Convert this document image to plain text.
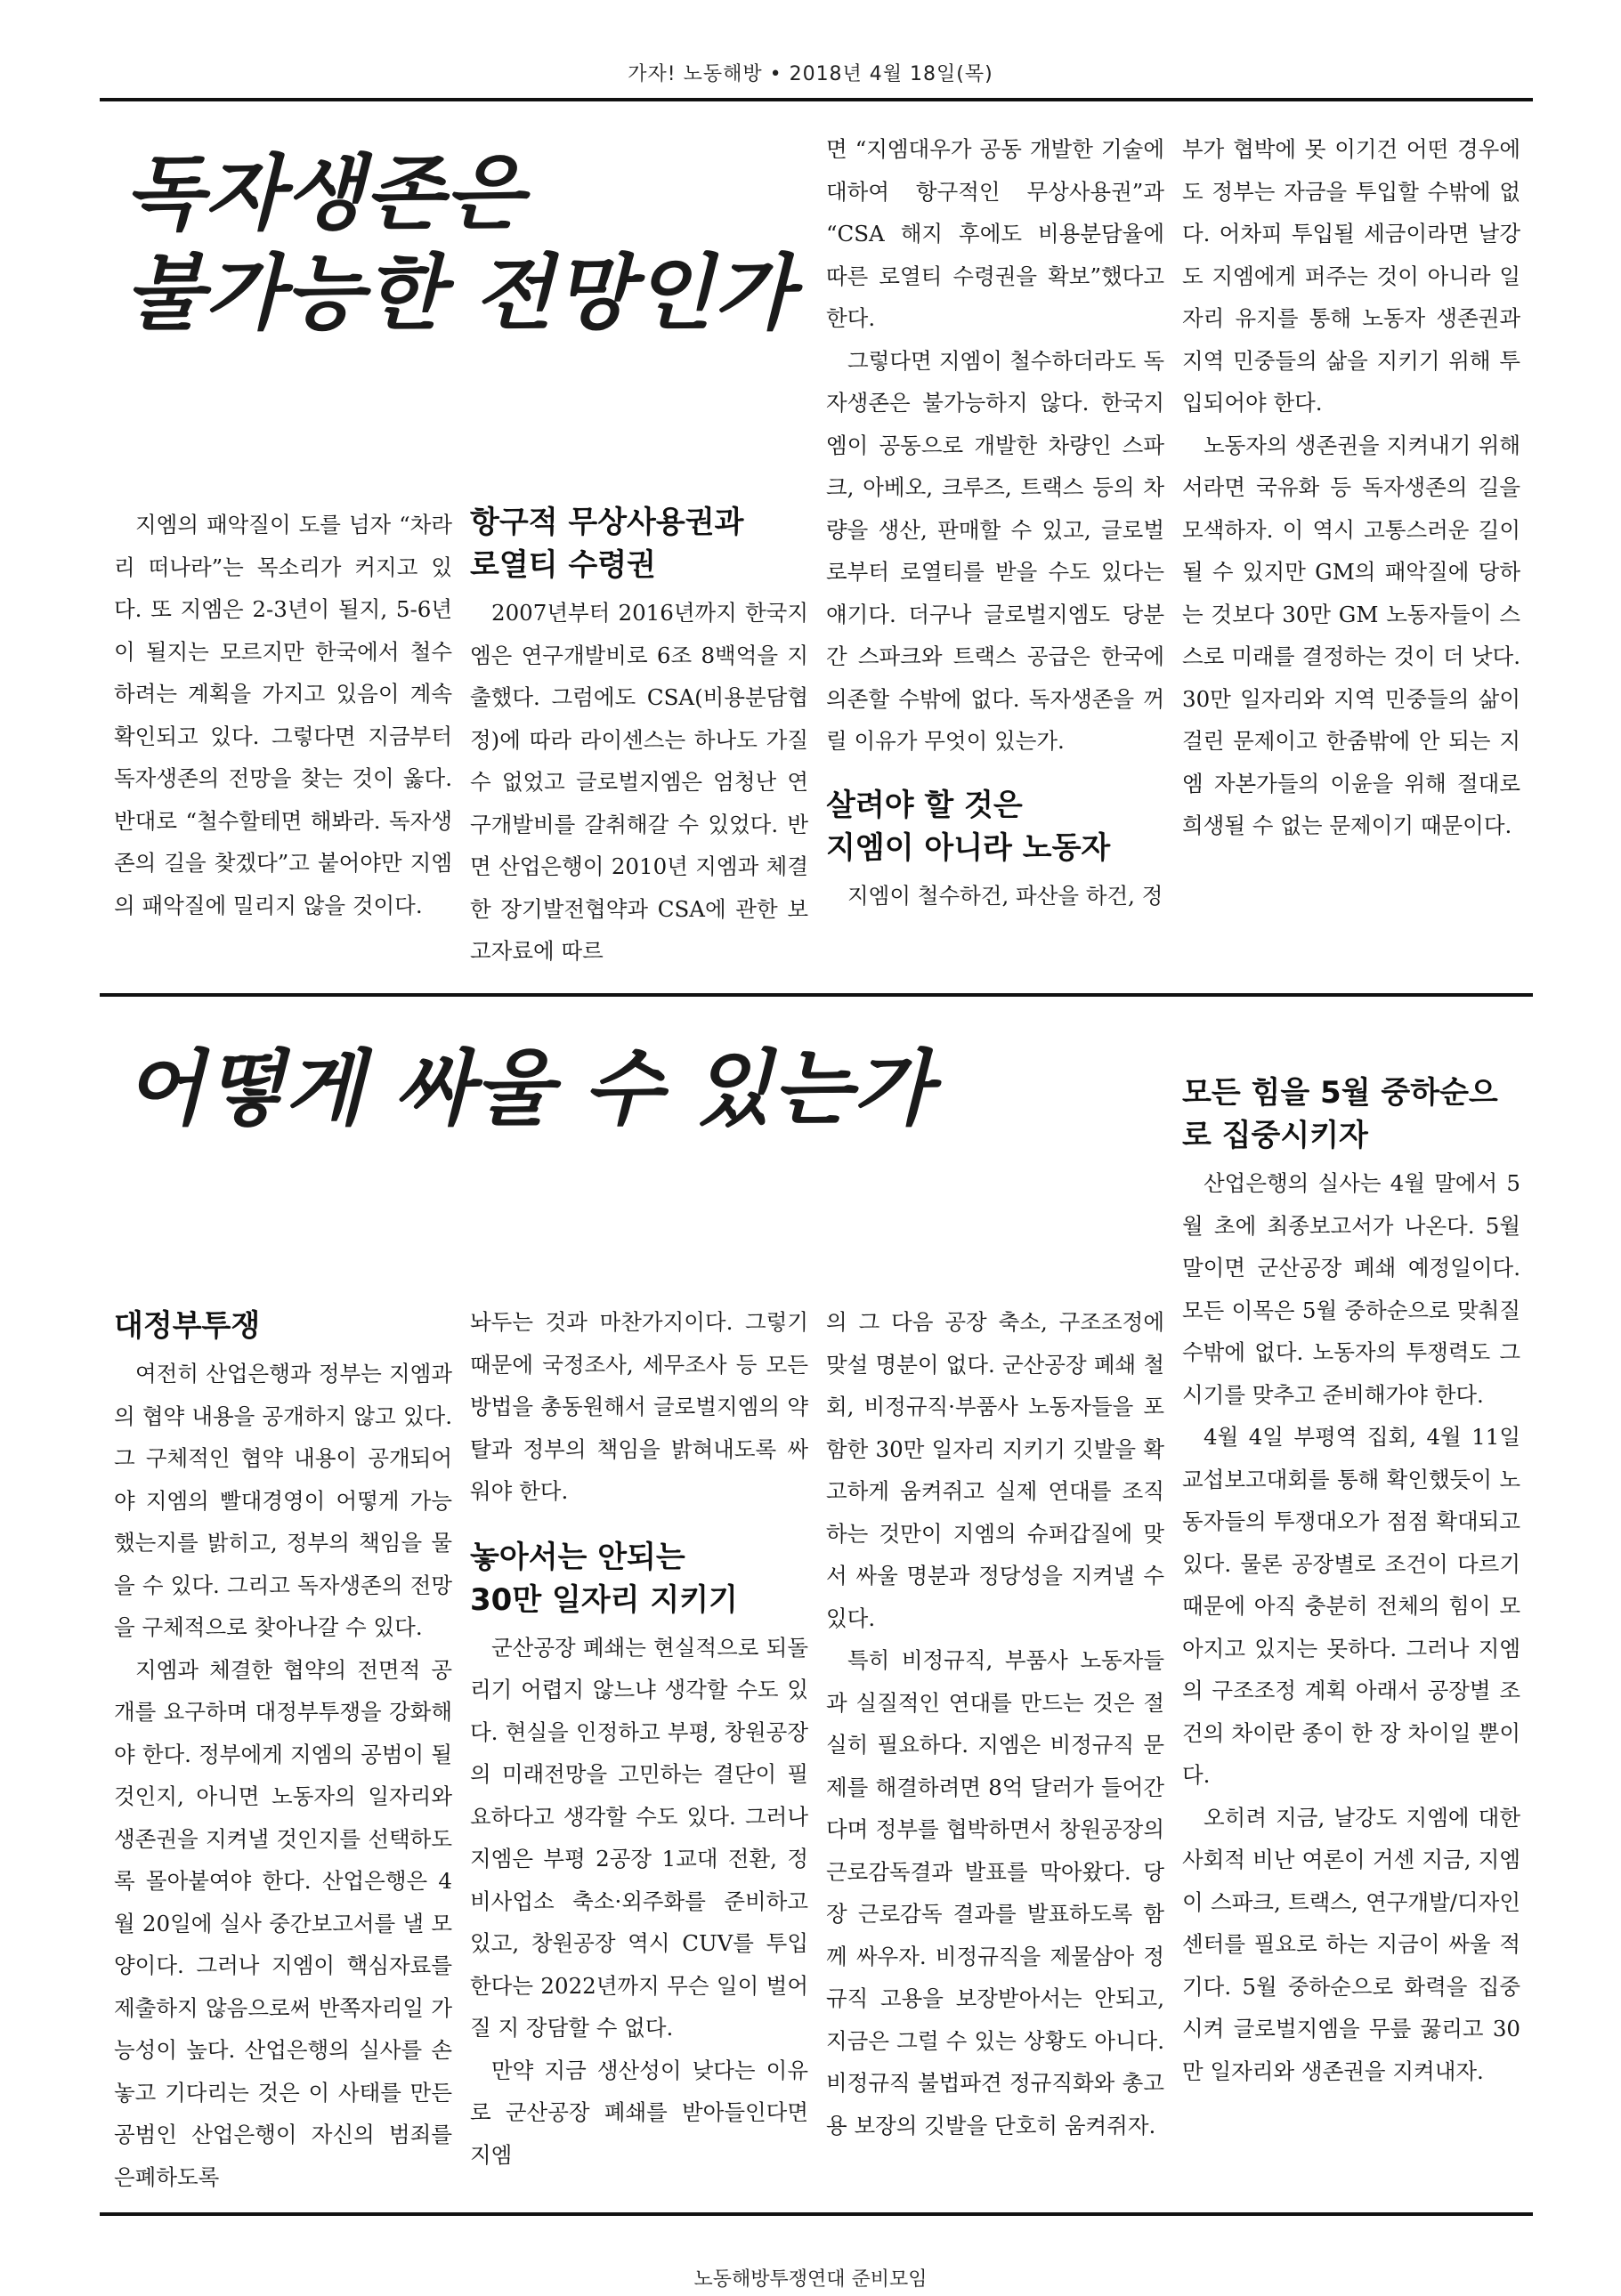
가자! 노동해방 • 2018년 4월 18일(목)
독자생존은
불가능한 전망인가

지엠의 패악질이 도를 넘자 “차라리 떠나라”는 목소리가 커지고 있다. 또 지엠은 2-3년이 될지, 5-6년이 될지는 모르지만 한국에서 철수하려는 계획을 가지고 있음이 계속 확인되고 있다. 그렇다면 지금부터 독자생존의 전망을 찾는 것이 옳다. 반대로 “철수할테면 해봐라. 독자생존의 길을 찾겠다”고 붙어야만 지엠의 패악질에 밀리지 않을 것이다.

항구적 무상사용권과
로열티 수령권

2007년부터 2016년까지 한국지엠은 연구개발비로 6조 8백억을 지출했다. 그럼에도 CSA(비용분담협정)에 따라 라이센스는 하나도 가질 수 없었고 글로벌지엠은 엄청난 연구개발비를 갈취해갈 수 있었다. 반면 산업은행이 2010년 지엠과 체결한 장기발전협약과 CSA에 관한 보고자료에 따르

면 “지엠대우가 공동 개발한 기술에 대하여 항구적인 무상사용권”과 “CSA 해지 후에도 비용분담율에 따른 로열티 수령권을 확보”했다고 한다.

그렇다면 지엠이 철수하더라도 독자생존은 불가능하지 않다. 한국지엠이 공동으로 개발한 차량인 스파크, 아베오, 크루즈, 트랙스 등의 차량을 생산, 판매할 수 있고, 글로벌로부터 로열티를 받을 수도 있다는 얘기다. 더구나 글로벌지엠도 당분간 스파크와 트랙스 공급은 한국에 의존할 수밖에 없다. 독자생존을 꺼릴 이유가 무엇이 있는가.

살려야 할 것은
지엠이 아니라 노동자

지엠이 철수하건, 파산을 하건, 정

부가 협박에 못 이기건 어떤 경우에도 정부는 자금을 투입할 수밖에 없다. 어차피 투입될 세금이라면 날강도 지엠에게 퍼주는 것이 아니라 일자리 유지를 통해 노동자 생존권과 지역 민중들의 삶을 지키기 위해 투입되어야 한다.

노동자의 생존권을 지켜내기 위해서라면 국유화 등 독자생존의 길을 모색하자. 이 역시 고통스러운 길이 될 수 있지만 GM의 패악질에 당하는 것보다 30만 GM 노동자들이 스스로 미래를 결정하는 것이 더 낫다. 30만 일자리와 지역 민중들의 삶이 걸린 문제이고 한줌밖에 안 되는 지엠 자본가들의 이윤을 위해 절대로 희생될 수 없는 문제이기 때문이다.

어떻게 싸울 수 있는가
대정부투쟁

여전히 산업은행과 정부는 지엠과의 협약 내용을 공개하지 않고 있다. 그 구체적인 협약 내용이 공개되어야 지엠의 빨대경영이 어떻게 가능했는지를 밝히고, 정부의 책임을 물을 수 있다. 그리고 독자생존의 전망을 구체적으로 찾아나갈 수 있다.

지엠과 체결한 협약의 전면적 공개를 요구하며 대정부투쟁을 강화해야 한다. 정부에게 지엠의 공범이 될 것인지, 아니면 노동자의 일자리와 생존권을 지켜낼 것인지를 선택하도록 몰아붙여야 한다. 산업은행은 4월 20일에 실사 중간보고서를 낼 모양이다. 그러나 지엠이 핵심자료를 제출하지 않음으로써 반쪽자리일 가능성이 높다. 산업은행의 실사를 손 놓고 기다리는 것은 이 사태를 만든 공범인 산업은행이 자신의 범죄를 은폐하도록

놔두는 것과 마찬가지이다. 그렇기 때문에 국정조사, 세무조사 등 모든 방법을 총동원해서 글로벌지엠의 약탈과 정부의 책임을 밝혀내도록 싸워야 한다.

놓아서는 안되는
30만 일자리 지키기

군산공장 폐쇄는 현실적으로 되돌리기 어렵지 않느냐 생각할 수도 있다. 현실을 인정하고 부평, 창원공장의 미래전망을 고민하는 결단이 필요하다고 생각할 수도 있다. 그러나 지엠은 부평 2공장 1교대 전환, 정비사업소 축소·외주화를 준비하고 있고, 창원공장 역시 CUV를 투입한다는 2022년까지 무슨 일이 벌어질 지 장담할 수 없다.

만약 지금 생산성이 낮다는 이유로 군산공장 폐쇄를 받아들인다면 지엠

의 그 다음 공장 축소, 구조조정에 맞설 명분이 없다. 군산공장 폐쇄 철회, 비정규직·부품사 노동자들을 포함한 30만 일자리 지키기 깃발을 확고하게 움켜쥐고 실제 연대를 조직하는 것만이 지엠의 슈퍼갑질에 맞서 싸울 명분과 정당성을 지켜낼 수 있다.

특히 비정규직, 부품사 노동자들과 실질적인 연대를 만드는 것은 절실히 필요하다. 지엠은 비정규직 문제를 해결하려면 8억 달러가 들어간다며 정부를 협박하면서 창원공장의 근로감독결과 발표를 막아왔다. 당장 근로감독 결과를 발표하도록 함께 싸우자. 비정규직을 제물삼아 정규직 고용을 보장받아서는 안되고, 지금은 그럴 수 있는 상황도 아니다. 비정규직 불법파견 정규직화와 총고용 보장의 깃발을 단호히 움켜쥐자.

모든 힘을 5월 중하순으
로 집중시키자

산업은행의 실사는 4월 말에서 5월 초에 최종보고서가 나온다. 5월 말이면 군산공장 폐쇄 예정일이다. 모든 이목은 5월 중하순으로 맞춰질 수밖에 없다. 노동자의 투쟁력도 그 시기를 맞추고 준비해가야 한다.

4월 4일 부평역 집회, 4월 11일 교섭보고대회를 통해 확인했듯이 노동자들의 투쟁대오가 점점 확대되고 있다. 물론 공장별로 조건이 다르기 때문에 아직 충분히 전체의 힘이 모아지고 있지는 못하다. 그러나 지엠의 구조조정 계획 아래서 공장별 조건의 차이란 종이 한 장 차이일 뿐이다.

오히려 지금, 날강도 지엠에 대한 사회적 비난 여론이 거센 지금, 지엠이 스파크, 트랙스, 연구개발/디자인센터를 필요로 하는 지금이 싸울 적기다. 5월 중하순으로 화력을 집중시켜 글로벌지엠을 무릎 꿇리고 30만 일자리와 생존권을 지켜내자.

노동해방투쟁연대 준비모임
